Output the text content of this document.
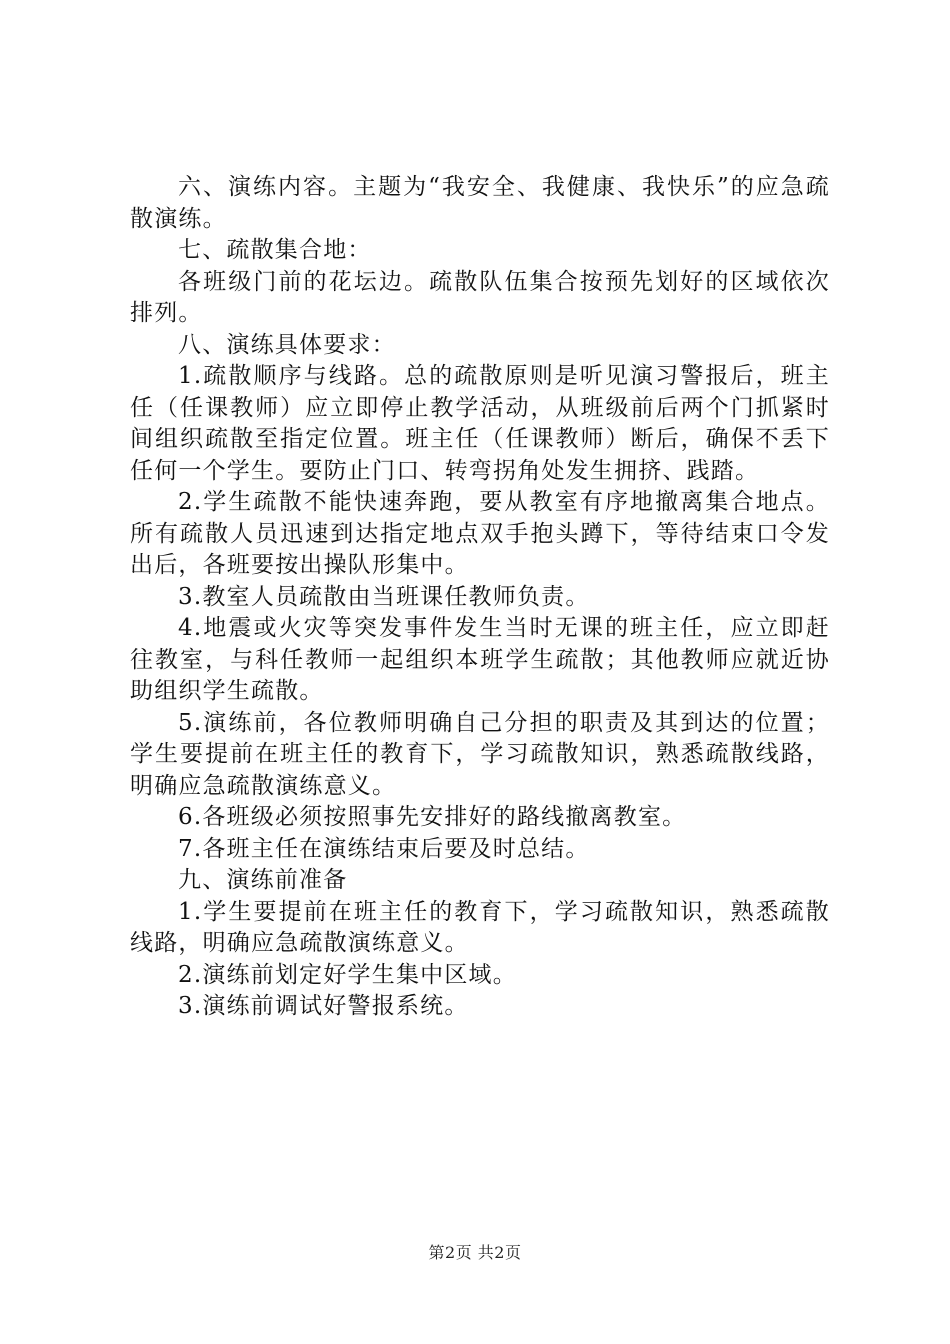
六、演练内容。主题为“我安全、我健康、我快乐”的应急疏散演练。

七、疏散集合地：

各班级门前的花坛边。疏散队伍集合按预先划好的区域依次排列。

八、演练具体要求：

1.疏散顺序与线路。总的疏散原则是听见演习警报后，班主任（任课教师）应立即停止教学活动，从班级前后两个门抓紧时间组织疏散至指定位置。班主任（任课教师）断后，确保不丢下任何一个学生。要防止门口、转弯拐角处发生拥挤、践踏。

2.学生疏散不能快速奔跑，要从教室有序地撤离集合地点。所有疏散人员迅速到达指定地点双手抱头蹲下，等待结束口令发出后，各班要按出操队形集中。

3.教室人员疏散由当班课任教师负责。

4.地震或火灾等突发事件发生当时无课的班主任，应立即赶往教室，与科任教师一起组织本班学生疏散；其他教师应就近协助组织学生疏散。

5.演练前，各位教师明确自己分担的职责及其到达的位置；学生要提前在班主任的教育下，学习疏散知识，熟悉疏散线路，明确应急疏散演练意义。

6.各班级必须按照事先安排好的路线撤离教室。

7.各班主任在演练结束后要及时总结。

九、演练前准备

1.学生要提前在班主任的教育下，学习疏散知识，熟悉疏散线路，明确应急疏散演练意义。

2.演练前划定好学生集中区域。

3.演练前调试好警报系统。

第2页 共2页
